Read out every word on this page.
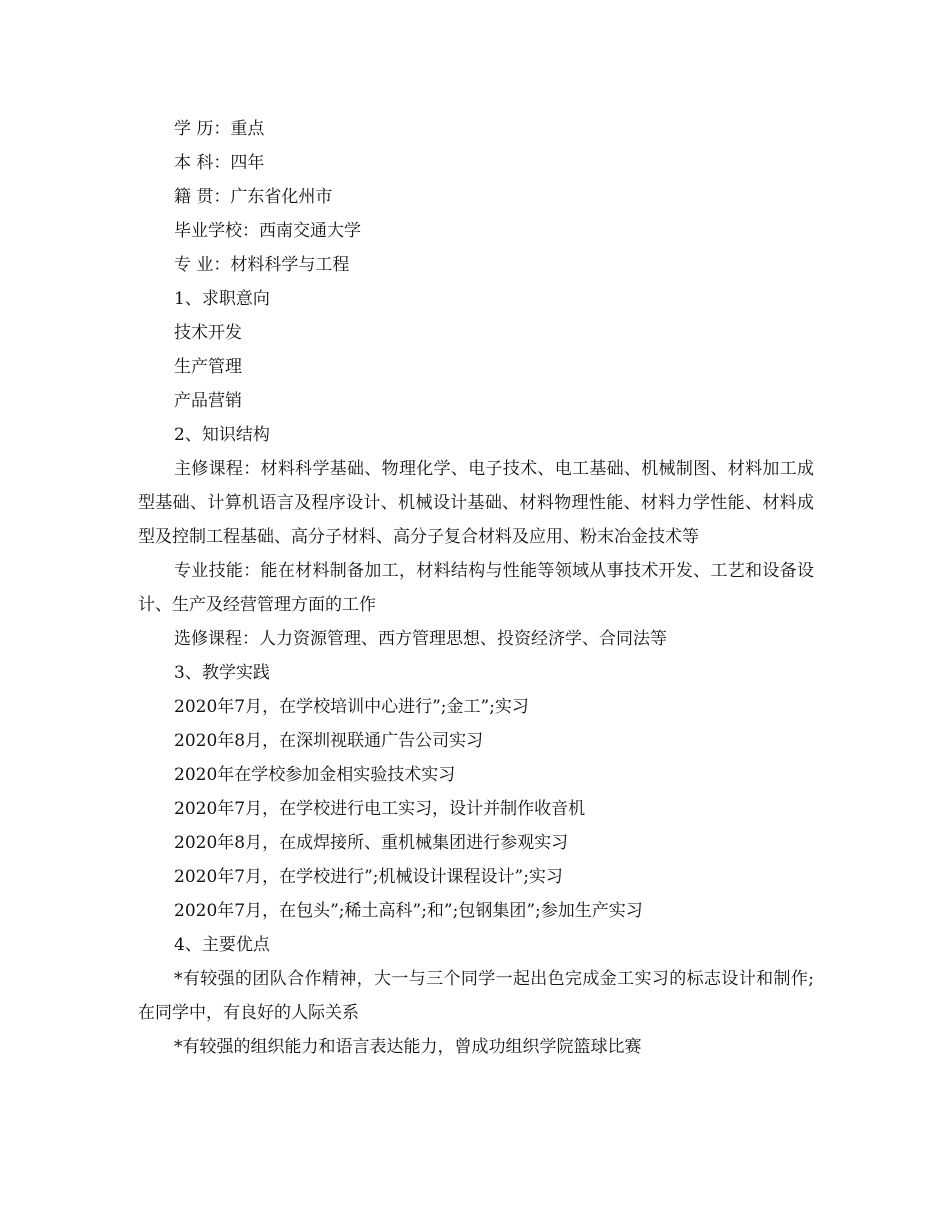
学 历：重点

本 科：四年

籍 贯：广东省化州市

毕业学校：西南交通大学

专 业：材料科学与工程

1、求职意向

技术开发

生产管理

产品营销

2、知识结构

主修课程：材料科学基础、物理化学、电子技术、电工基础、机械制图、材料加工成型基础、计算机语言及程序设计、机械设计基础、材料物理性能、材料力学性能、材料成型及控制工程基础、高分子材料、高分子复合材料及应用、粉末冶金技术等

专业技能：能在材料制备加工，材料结构与性能等领域从事技术开发、工艺和设备设计、生产及经营管理方面的工作

选修课程：人力资源管理、西方管理思想、投资经济学、合同法等

3、教学实践

2020年7月，在学校培训中心进行”;金工”;实习

2020年8月，在深圳视联通广告公司实习

2020年在学校参加金相实验技术实习

2020年7月，在学校进行电工实习，设计并制作收音机

2020年8月，在成焊接所、重机械集团进行参观实习

2020年7月，在学校进行”;机械设计课程设计”;实习

2020年7月，在包头”;稀土高科”;和”;包钢集团”;参加生产实习

4、主要优点

*有较强的团队合作精神，大一与三个同学一起出色完成金工实习的标志设计和制作;在同学中，有良好的人际关系

*有较强的组织能力和语言表达能力，曾成功组织学院篮球比赛
